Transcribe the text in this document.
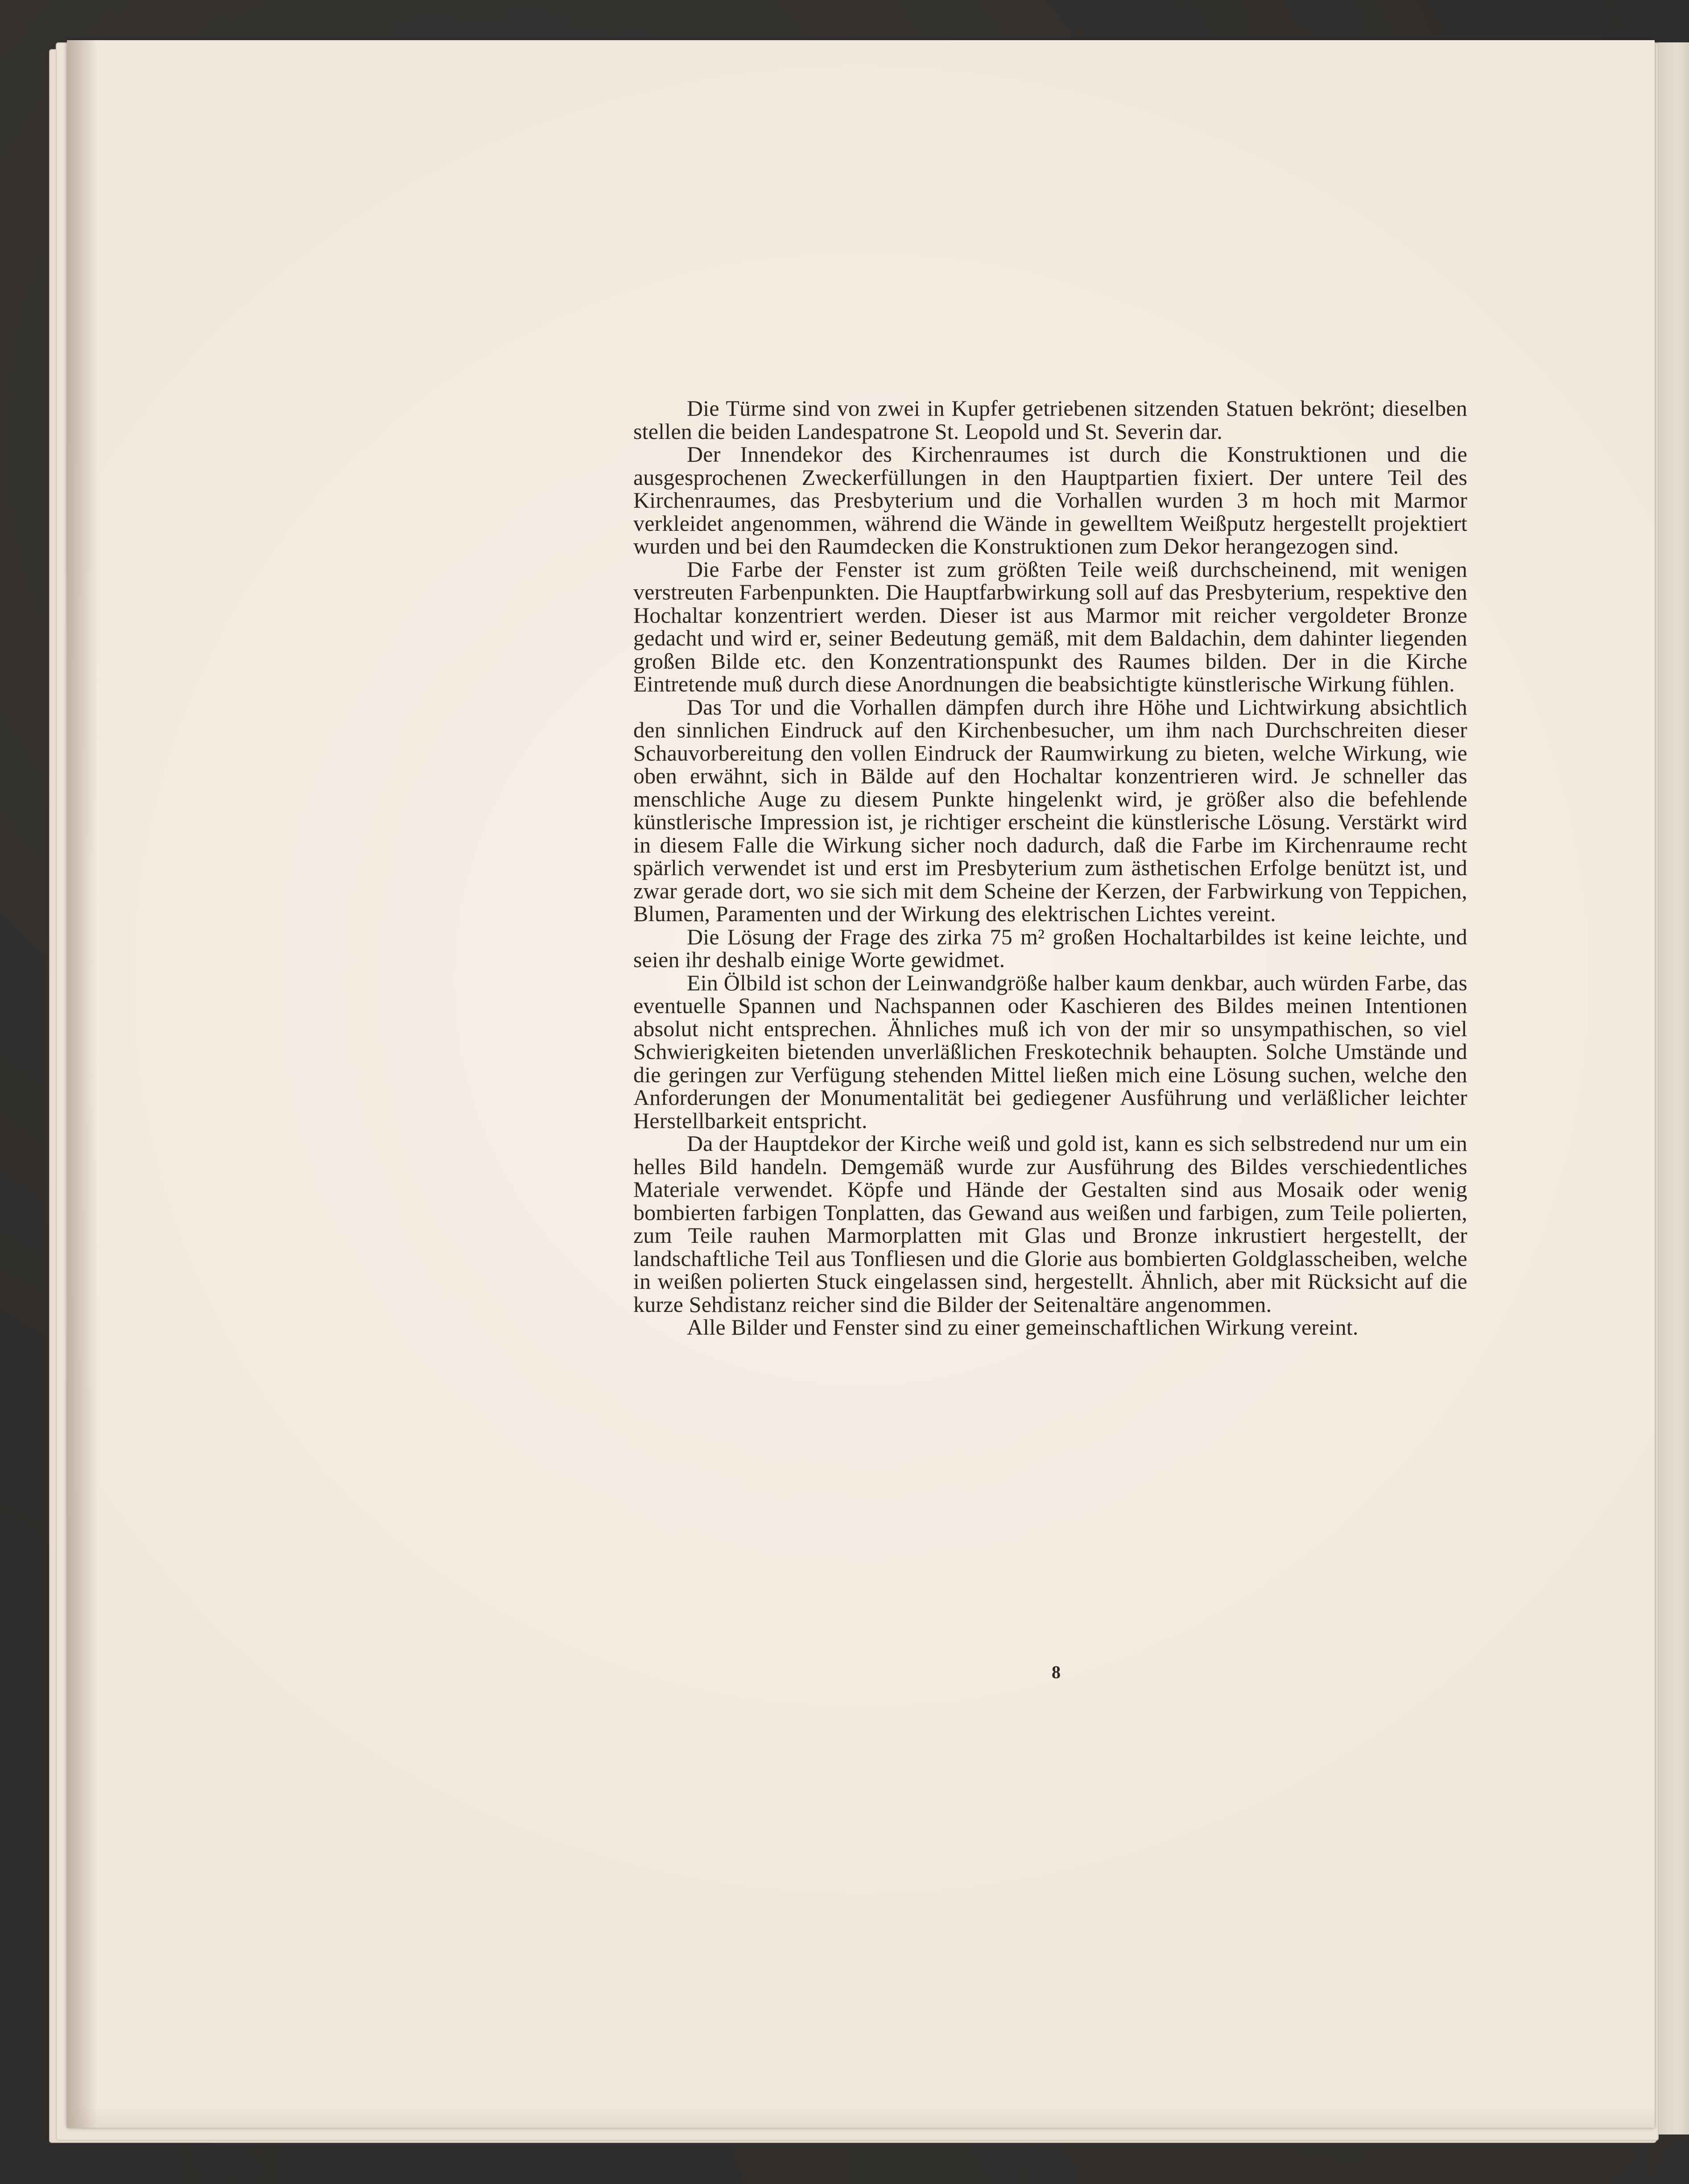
Die Türme sind von zwei in Kupfer getriebenen sitzenden Statuen bekrönt; dieselben stellen die beiden Landespatrone St. Leopold und St. Severin dar.

Der Innendekor des Kirchenraumes ist durch die Konstruktionen und die ausgesprochenen Zweckerfüllungen in den Hauptpartien fixiert. Der untere Teil des Kirchenraumes, das Presbyterium und die Vorhallen wurden 3 m hoch mit Marmor verkleidet angenommen, während die Wände in gewelltem Weißputz hergestellt projektiert wurden und bei den Raumdecken die Konstruktionen zum Dekor herangezogen sind.

Die Farbe der Fenster ist zum größten Teile weiß durchscheinend, mit wenigen verstreuten Farbenpunkten. Die Hauptfarbwirkung soll auf das Presbyterium, respektive den Hochaltar konzentriert werden. Dieser ist aus Marmor mit reicher vergoldeter Bronze gedacht und wird er, seiner Bedeutung gemäß, mit dem Baldachin, dem dahinter liegenden großen Bilde etc. den Konzentrationspunkt des Raumes bilden. Der in die Kirche Eintretende muß durch diese Anordnungen die beabsichtigte künstlerische Wirkung fühlen.

Das Tor und die Vorhallen dämpfen durch ihre Höhe und Lichtwirkung absichtlich den sinnlichen Eindruck auf den Kirchenbesucher, um ihm nach Durchschreiten dieser Schauvorbereitung den vollen Eindruck der Raumwirkung zu bieten, welche Wirkung, wie oben erwähnt, sich in Bälde auf den Hochaltar konzentrieren wird. Je schneller das menschliche Auge zu diesem Punkte hingelenkt wird, je größer also die befehlende künstlerische Impression ist, je richtiger erscheint die künstlerische Lösung. Verstärkt wird in diesem Falle die Wirkung sicher noch dadurch, daß die Farbe im Kirchenraume recht spärlich verwendet ist und erst im Presbyterium zum ästhetischen Erfolge benützt ist, und zwar gerade dort, wo sie sich mit dem Scheine der Kerzen, der Farbwirkung von Teppichen, Blumen, Paramenten und der Wirkung des elektrischen Lichtes vereint.

Die Lösung der Frage des zirka 75 m² großen Hochaltarbildes ist keine leichte, und seien ihr deshalb einige Worte gewidmet.

Ein Ölbild ist schon der Leinwandgröße halber kaum denkbar, auch würden Farbe, das eventuelle Spannen und Nachspannen oder Kaschieren des Bildes meinen Intentionen absolut nicht entsprechen. Ähnliches muß ich von der mir so unsympathischen, so viel Schwierigkeiten bietenden unverläßlichen Freskotechnik behaupten. Solche Umstände und die geringen zur Verfügung stehenden Mittel ließen mich eine Lösung suchen, welche den Anforderungen der Monumentalität bei gediegener Ausführung und verläßlicher leichter Herstellbarkeit entspricht.

Da der Hauptdekor der Kirche weiß und gold ist, kann es sich selbstredend nur um ein helles Bild handeln. Demgemäß wurde zur Ausführung des Bildes verschiedentliches Materiale verwendet. Köpfe und Hände der Gestalten sind aus Mosaik oder wenig bombierten farbigen Tonplatten, das Gewand aus weißen und farbigen, zum Teile polierten, zum Teile rauhen Marmorplatten mit Glas und Bronze inkrustiert hergestellt, der landschaftliche Teil aus Tonfliesen und die Glorie aus bombierten Goldglasscheiben, welche in weißen polierten Stuck eingelassen sind, hergestellt. Ähnlich, aber mit Rücksicht auf die kurze Sehdistanz reicher sind die Bilder der Seitenaltäre angenommen.

Alle Bilder und Fenster sind zu einer gemeinschaftlichen Wirkung vereint.

8
